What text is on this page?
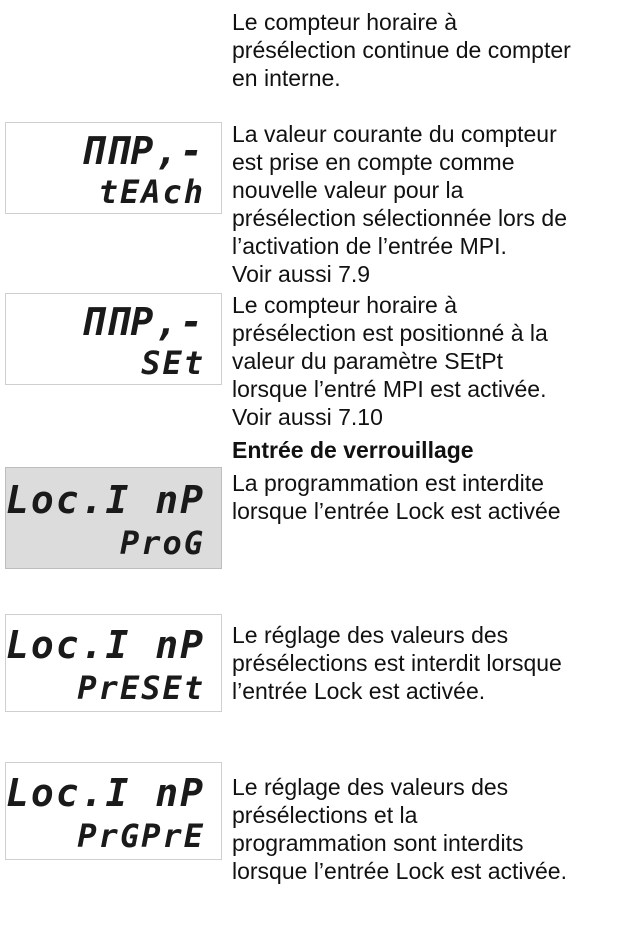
Le compteur horaire à
présélection continue de compter
en interne.
ΠΠΡ,-
tEAch
La valeur courante du compteur
est prise en compte comme
nouvelle valeur pour la
présélection sélectionnée lors de
l’activation de l’entrée MPI.
Voir aussi 7.9
ΠΠΡ,-
SEt
Le compteur horaire à
présélection est positionné à la
valeur du paramètre SEtPt
lorsque l’entré MPI est activée.
Voir aussi 7.10
Entrée de verrouillage
Loc.I nP
ProG
La programmation est interdite
lorsque l’entrée Lock est activée
Loc.I nP
PrESEt
Le réglage des valeurs des
présélections est interdit lorsque
l’entrée Lock est activée.
Loc.I nP
PrGPrE
Le réglage des valeurs des
présélections et la
programmation sont interdits
lorsque l’entrée Lock est activée.
